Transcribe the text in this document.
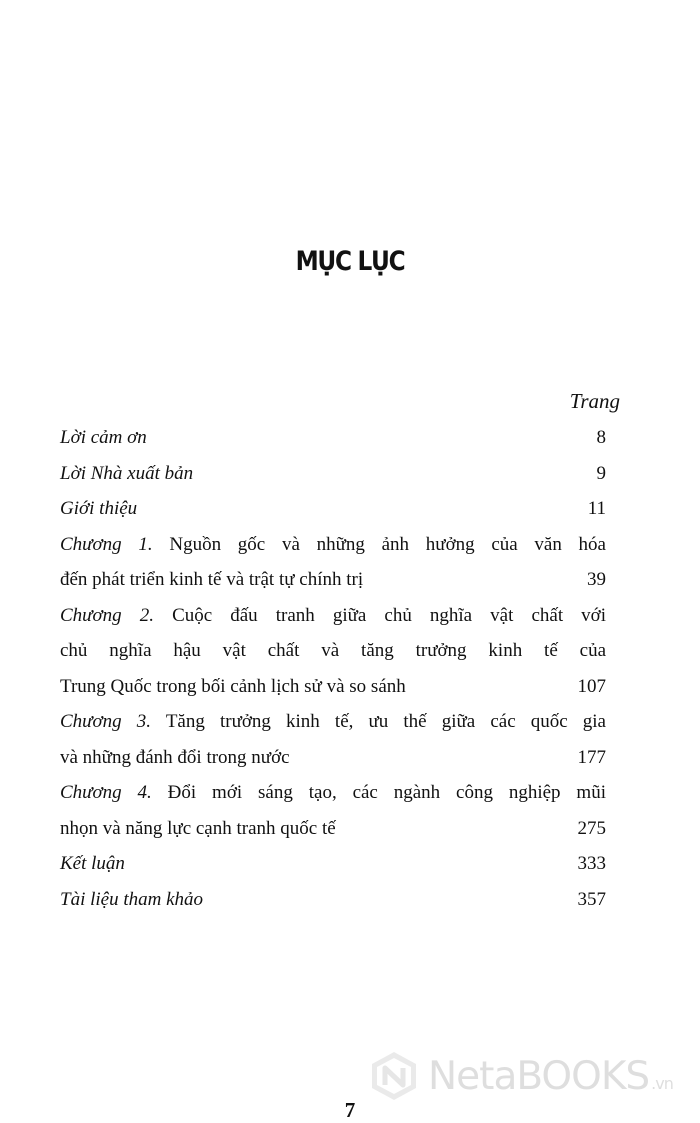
MỤC LỤC
Trang
Lời cảm ơn	8
Lời Nhà xuất bản	9
Giới thiệu	11
Chương 1. Nguồn gốc và những ảnh hưởng của văn hóa
đến phát triển kinh tế và trật tự chính trị	39
Chương 2. Cuộc đấu tranh giữa chủ nghĩa vật chất với
chủ nghĩa hậu vật chất và tăng trưởng kinh tế của
Trung Quốc trong bối cảnh lịch sử và so sánh	107
Chương 3. Tăng trưởng kinh tế, ưu thế giữa các quốc gia
và những đánh đổi trong nước	177
Chương 4. Đổi mới sáng tạo, các ngành công nghiệp mũi
nhọn và năng lực cạnh tranh quốc tế	275
Kết luận	333
Tài liệu tham khảo	357
NetaBOOKS .vn
7
